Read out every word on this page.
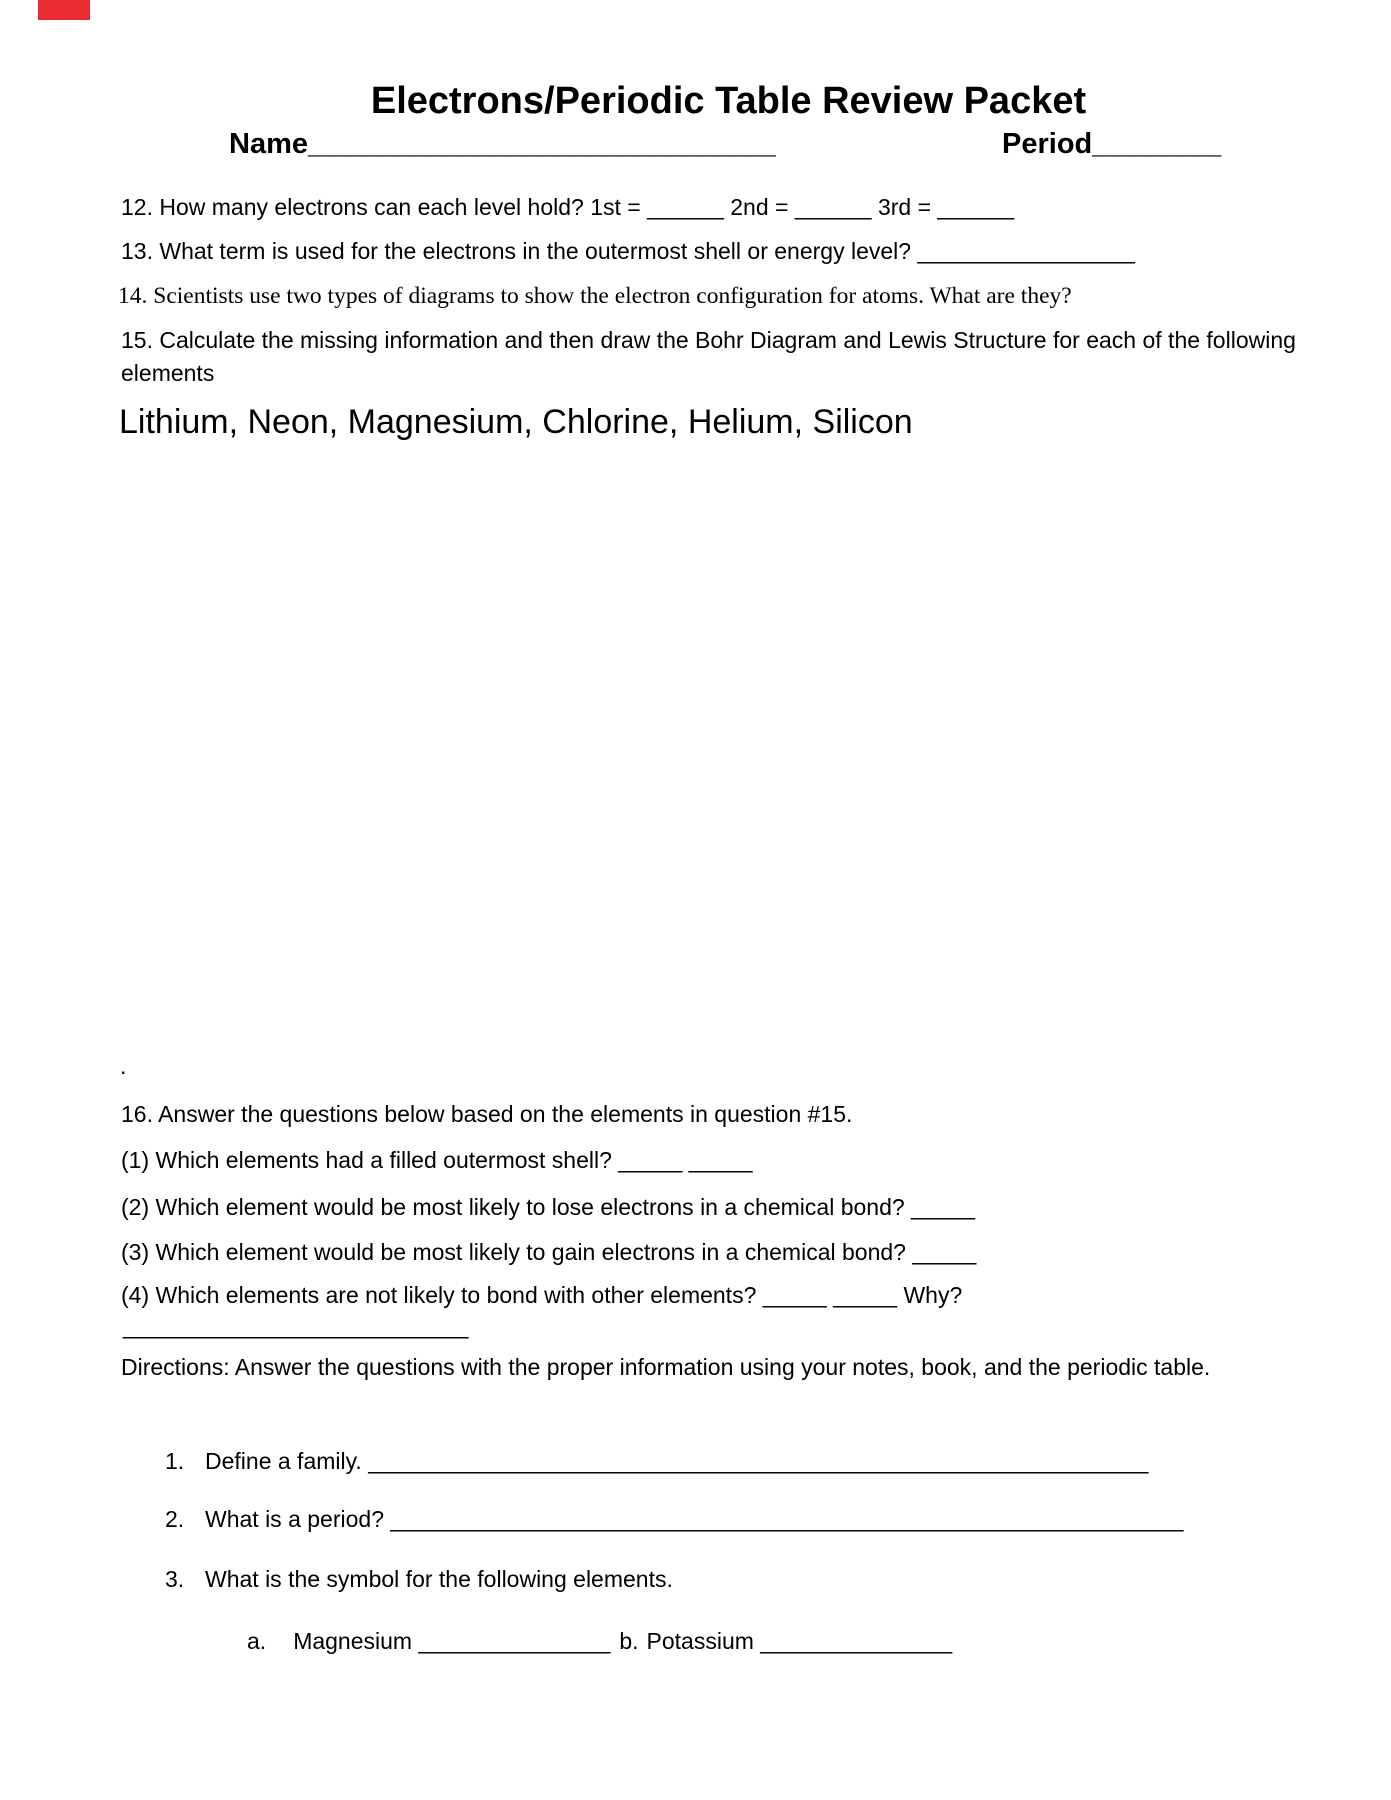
Electrons/Periodic Table Review Packet
Name_____________________________	Period________
12. How many electrons can each level hold? 1st = ______ 2nd = ______ 3rd = ______
13. What term is used for the electrons in the outermost shell or energy level? _________________
14. Scientists use two types of diagrams to show the electron configuration for atoms. What are they?
15. Calculate the missing information and then draw the Bohr Diagram and Lewis Structure for each of the following elements
Lithium, Neon, Magnesium, Chlorine, Helium, Silicon
.
16. Answer the questions below based on the elements in question #15.
(1) Which elements had a filled outermost shell? _____ _____
(2) Which element would be most likely to lose electrons in a chemical bond? _____
(3) Which element would be most likely to gain electrons in a chemical bond? _____
(4) Which elements are not likely to bond with other elements? _____ _____ Why?
___________________________
Directions: Answer the questions with the proper information using your notes, book, and the periodic table.
1. Define a family. _____________________________________________________________
2. What is a period? ______________________________________________________________
3. What is the symbol for the following elements.
a. Magnesium _______________ b. Potassium _______________
